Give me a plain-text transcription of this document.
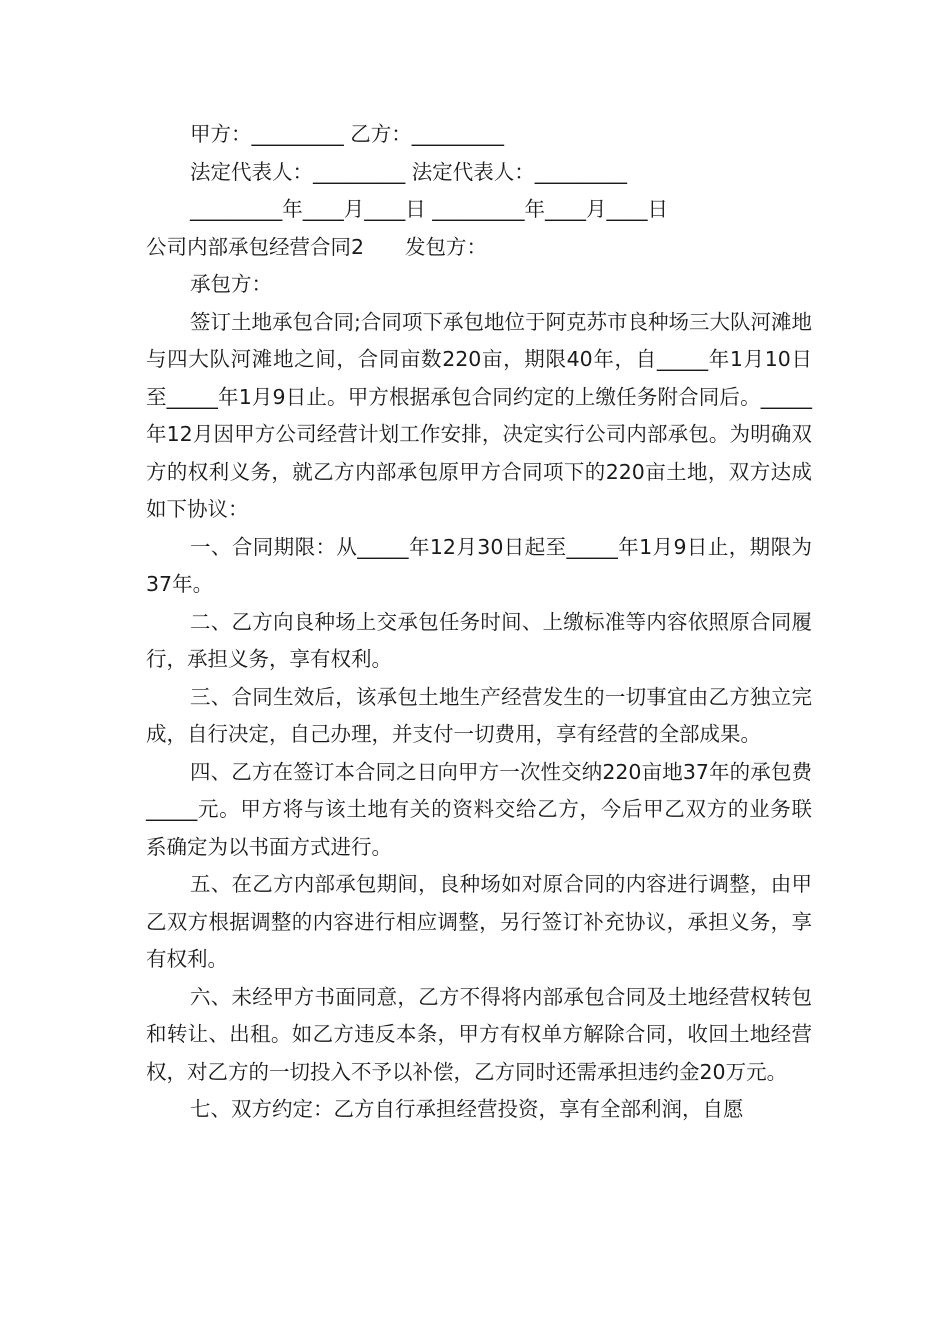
甲方：_________ 乙方：_________

法定代表人：_________ 法定代表人：_________

_________年____月____日 _________年____月____日

公司内部承包经营合同2　　发包方：

承包方：

签订土地承包合同;合同项下承包地位于阿克苏市良种场三大队河滩地与四大队河滩地之间，合同亩数220亩，期限40年，自_____年1月10日至_____年1月9日止。甲方根据承包合同约定的上缴任务附合同后。_____年12月因甲方公司经营计划工作安排，决定实行公司内部承包。为明确双方的权利义务，就乙方内部承包原甲方合同项下的220亩土地，双方达成如下协议：

一、合同期限：从_____年12月30日起至_____年1月9日止，期限为37年。

二、乙方向良种场上交承包任务时间、上缴标准等内容依照原合同履行，承担义务，享有权利。

三、合同生效后，该承包土地生产经营发生的一切事宜由乙方独立完成，自行决定，自己办理，并支付一切费用，享有经营的全部成果。

四、乙方在签订本合同之日向甲方一次性交纳220亩地37年的承包费_____元。甲方将与该土地有关的资料交给乙方，今后甲乙双方的业务联系确定为以书面方式进行。

五、在乙方内部承包期间，良种场如对原合同的内容进行调整，由甲乙双方根据调整的内容进行相应调整，另行签订补充协议，承担义务，享有权利。

六、未经甲方书面同意，乙方不得将内部承包合同及土地经营权转包和转让、出租。如乙方违反本条，甲方有权单方解除合同，收回土地经营权，对乙方的一切投入不予以补偿，乙方同时还需承担违约金20万元。

七、双方约定：乙方自行承担经营投资，享有全部利润，自愿
